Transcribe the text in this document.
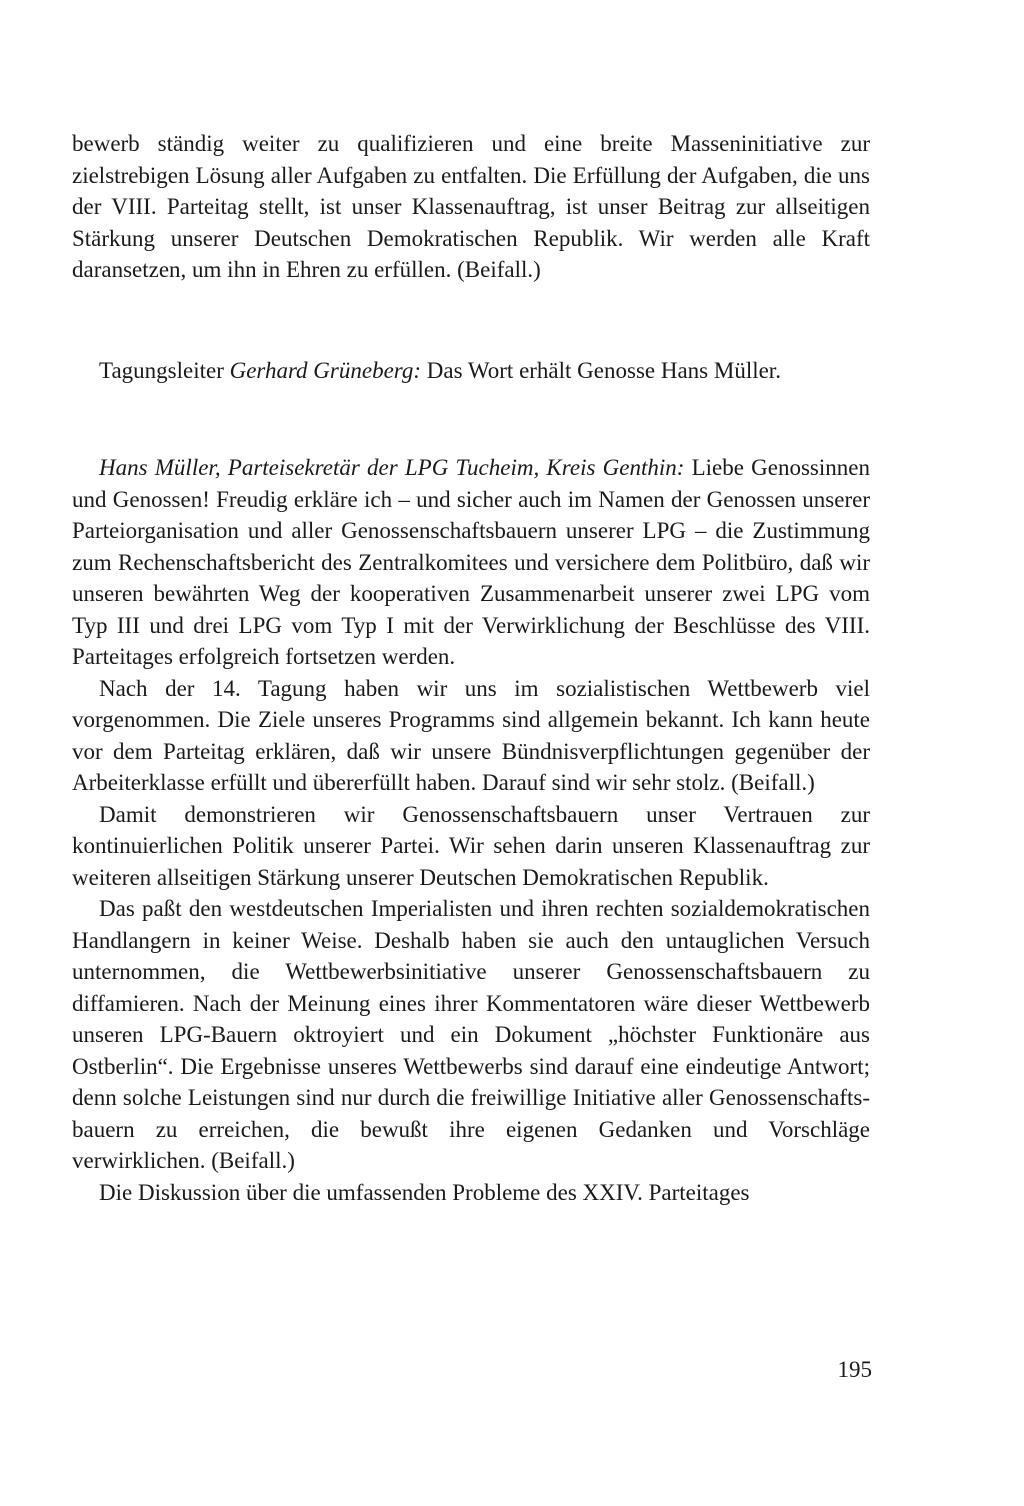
bewerb ständig weiter zu qualifizieren und eine breite Masseninitiative zur zielstrebigen Lösung aller Aufgaben zu entfalten. Die Erfüllung der Aufgaben, die uns der VIII. Parteitag stellt, ist unser Klassenauftrag, ist unser Beitrag zur allseitigen Stärkung unserer Deutschen Demokratischen Republik. Wir werden alle Kraft daransetzen, um ihn in Ehren zu erfüllen. (Beifall.)

Tagungsleiter Gerhard Grüneberg: Das Wort erhält Genosse Hans Müller.

Hans Müller, Parteisekretär der LPG Tucheim, Kreis Genthin: Liebe Genossinnen und Genossen! Freudig erkläre ich – und sicher auch im Namen der Genossen unserer Parteiorganisation und aller Genossenschaftsbauern unserer LPG – die Zustimmung zum Rechenschaftsbericht des Zentralkomitees und versichere dem Politbüro, daß wir unseren bewährten Weg der kooperativen Zusammenarbeit unserer zwei LPG vom Typ III und drei LPG vom Typ I mit der Verwirklichung der Beschlüsse des VIII. Parteitages erfolgreich fortsetzen werden.

Nach der 14. Tagung haben wir uns im sozialistischen Wettbewerb viel vorgenommen. Die Ziele unseres Programms sind allgemein bekannt. Ich kann heute vor dem Parteitag erklären, daß wir unsere Bündnisverpflichtungen gegenüber der Arbeiterklasse erfüllt und übererfüllt haben. Darauf sind wir sehr stolz. (Beifall.)

Damit demonstrieren wir Genossenschaftsbauern unser Vertrauen zur kontinuierlichen Politik unserer Partei. Wir sehen darin unseren Klassenauftrag zur weiteren allseitigen Stärkung unserer Deutschen Demokratischen Republik.

Das paßt den westdeutschen Imperialisten und ihren rechten sozialdemokratischen Handlangern in keiner Weise. Deshalb haben sie auch den untauglichen Versuch unternommen, die Wettbewerbsinitiative unserer Genossenschaftsbauern zu diffamieren. Nach der Meinung eines ihrer Kommentatoren wäre dieser Wettbewerb unseren LPG-Bauern oktroyiert und ein Dokument „höchster Funktionäre aus Ostberlin“. Die Ergebnisse unseres Wettbewerbs sind darauf eine eindeutige Antwort; denn solche Leistungen sind nur durch die freiwillige Initiative aller Genossenschaftsbauern zu erreichen, die bewußt ihre eigenen Gedanken und Vorschläge verwirklichen. (Beifall.)

Die Diskussion über die umfassenden Probleme des XXIV. Parteitages

195
